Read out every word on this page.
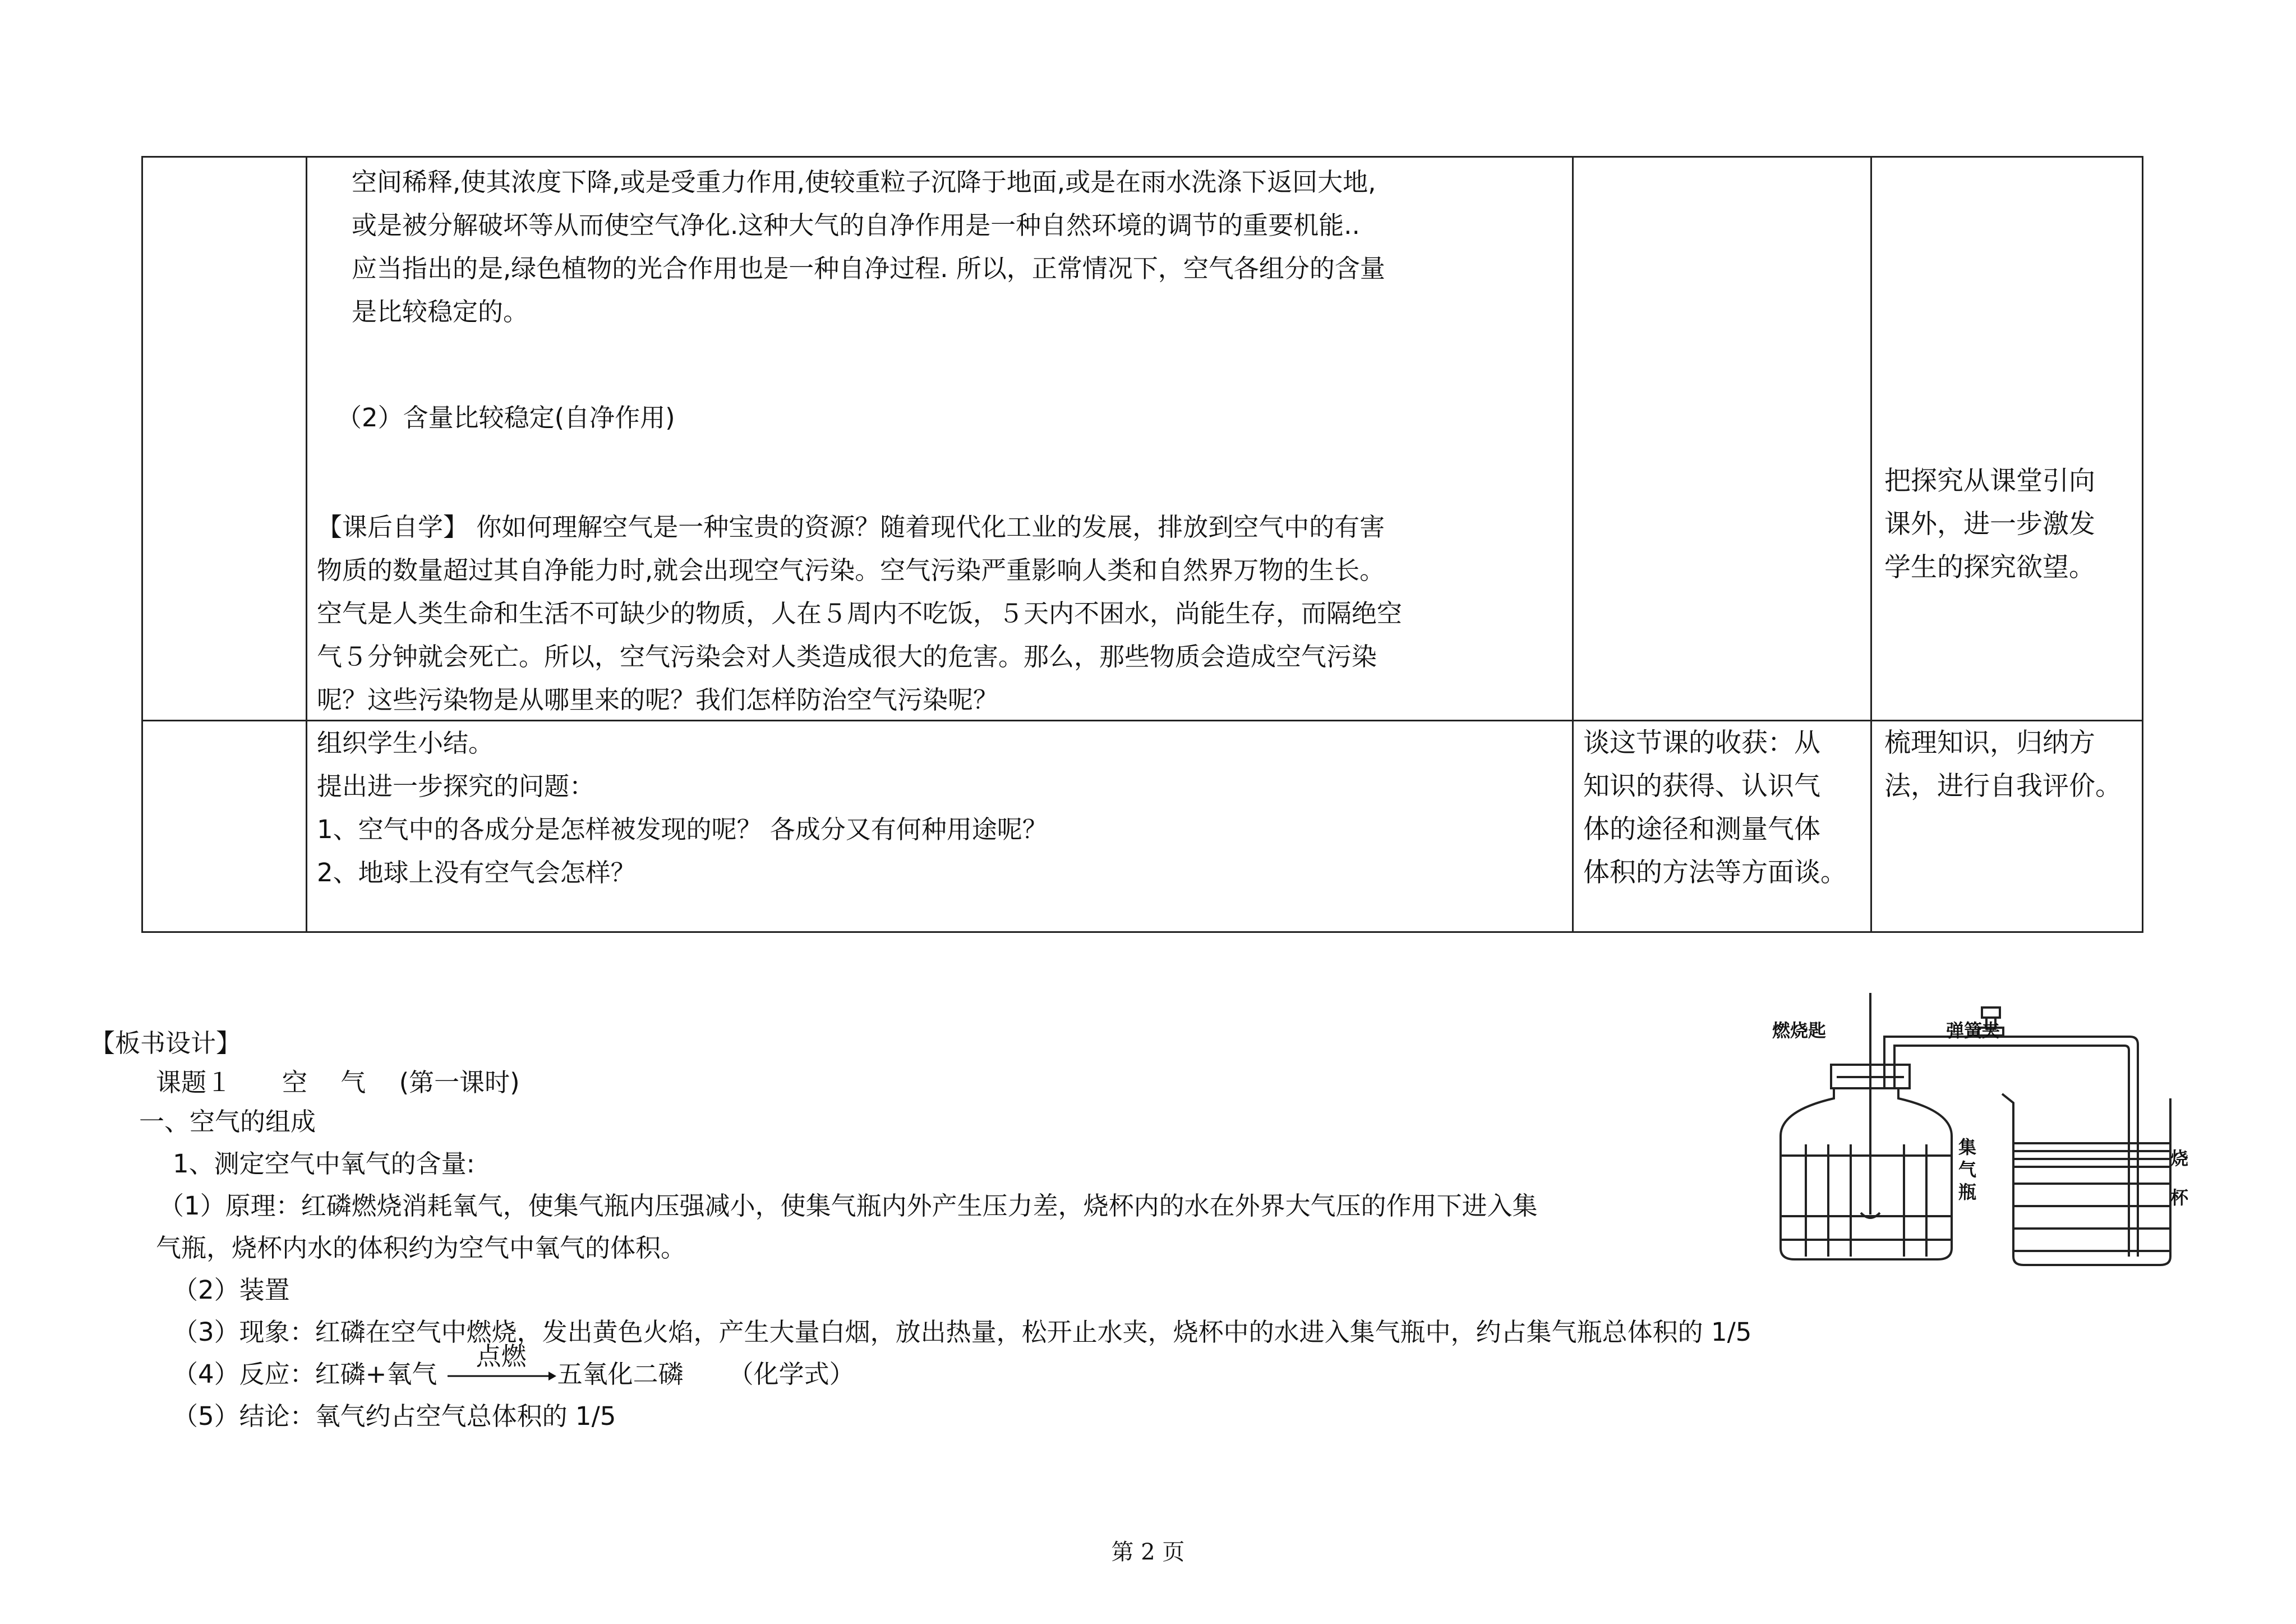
空间稀释,使其浓度下降,或是受重力作用,使较重粒子沉降于地面,或是在雨水洗涤下返回大地,

或是被分解破坏等从而使空气净化.这种大气的自净作用是一种自然环境的调节的重要机能..

应当指出的是,绿色植物的光合作用也是一种自净过程. 所以，正常情况下，空气各组分的含量

是比较稳定的。

（2）含量比较稳定(自净作用)

【课后自学】 你如何理解空气是一种宝贵的资源？随着现代化工业的发展，排放到空气中的有害

物质的数量超过其自净能力时,就会出现空气污染。空气污染严重影响人类和自然界万物的生长。

空气是人类生命和生活不可缺少的物质，人在５周内不吃饭，５天内不困水，尚能生存，而隔绝空

气５分钟就会死亡。所以，空气污染会对人类造成很大的危害。那么，那些物质会造成空气污染

呢？这些污染物是从哪里来的呢？我们怎样防治空气污染呢？

把探究从课堂引向

课外，进一步激发

学生的探究欲望。

组织学生小结。

提出进一步探究的问题：

1、空气中的各成分是怎样被发现的呢？ 各成分又有何种用途呢？

2、地球上没有空气会怎样？

谈这节课的收获：从

知识的获得、认识气

体的途径和测量气体

体积的方法等方面谈。

梳理知识，归纳方

法，进行自我评价。

【板书设计】
课题１　　空　 气　 (第一课时)
一、空气的组成
1、测定空气中氧气的含量:
（1）原理：红磷燃烧消耗氧气，使集气瓶内压强减小，使集气瓶内外产生压力差，烧杯内的水在外界大气压的作用下进入集
气瓶，烧杯内水的体积约为空气中氧气的体积。
（2）装置
（3）现象：红磷在空气中燃烧，发出黄色火焰，产生大量白烟，放出热量，松开止水夹，烧杯中的水进入集气瓶中，约占集气瓶总体积的 1/5
（4）反应：红磷+氧气
点燃
五氧化二磷 （化学式）
（5）结论：氧气约占空气总体积的 1/5
燃烧匙	弹簧夹
集气瓶
烧杯
第 2 页
